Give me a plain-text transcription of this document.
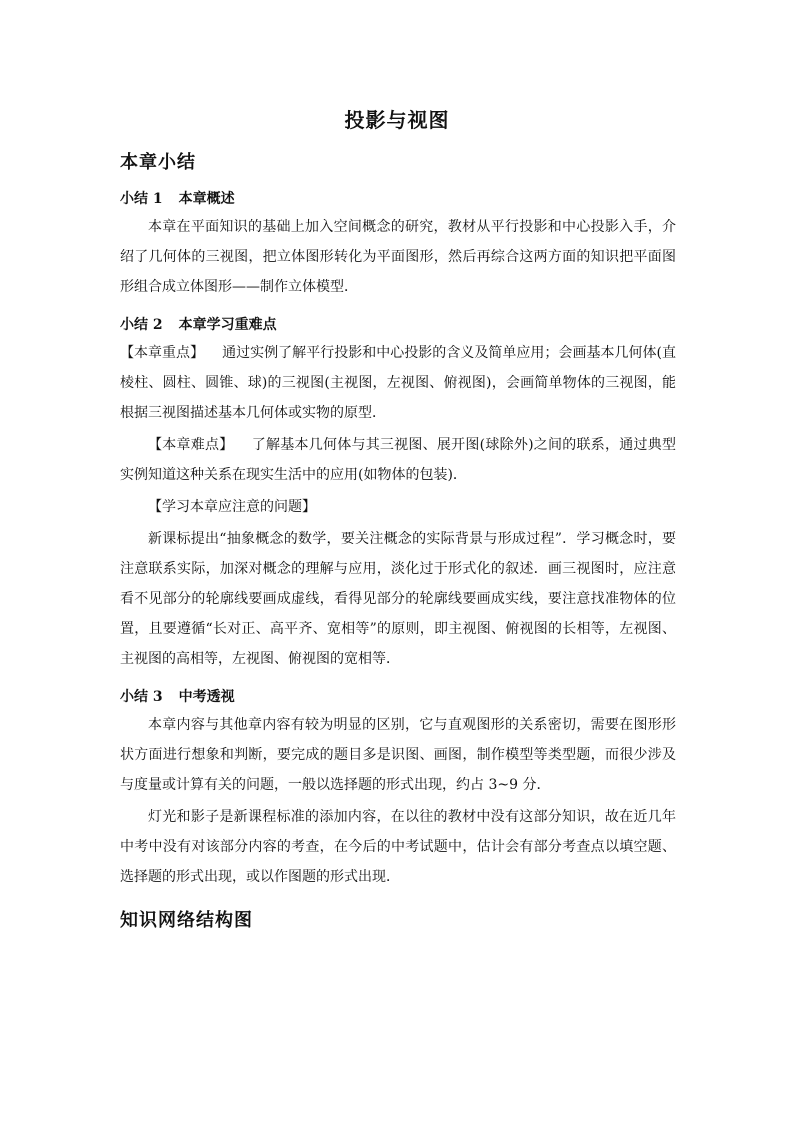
投影与视图
本章小结
小结 1 本章概述
本章在平面知识的基础上加入空间概念的研究，教材从平行投影和中心投影入手，介绍了几何体的三视图，把立体图形转化为平面图形，然后再综合这两方面的知识把平面图形组合成立体图形——制作立体模型．
小结 2 本章学习重难点
【本章重点】 通过实例了解平行投影和中心投影的含义及简单应用；会画基本几何体(直棱柱、圆柱、圆锥、球)的三视图(主视图，左视图、俯视图)，会画简单物体的三视图，能根据三视图描述基本几何体或实物的原型．
【本章难点】 了解基本几何体与其三视图、展开图(球除外)之间的联系，通过典型实例知道这种关系在现实生活中的应用(如物体的包装)．
【学习本章应注意的问题】
新课标提出“抽象概念的数学，要关注概念的实际背景与形成过程”．学习概念时，要注意联系实际，加深对概念的理解与应用，淡化过于形式化的叙述．画三视图时，应注意看不见部分的轮廓线要画成虚线，看得见部分的轮廓线要画成实线，要注意找准物体的位置，且要遵循“长对正、高平齐、宽相等”的原则，即主视图、俯视图的长相等，左视图、主视图的高相等，左视图、俯视图的宽相等．
小结 3 中考透视
本章内容与其他章内容有较为明显的区别，它与直观图形的关系密切，需要在图形形状方面进行想象和判断，要完成的题目多是识图、画图，制作模型等类型题，而很少涉及与度量或计算有关的问题，一般以选择题的形式出现，约占 3~9 分．
灯光和影子是新课程标准的添加内容，在以往的教材中没有这部分知识，故在近几年中考中没有对该部分内容的考查，在今后的中考试题中，估计会有部分考查点以填空题、选择题的形式出现，或以作图题的形式出现．
知识网络结构图
